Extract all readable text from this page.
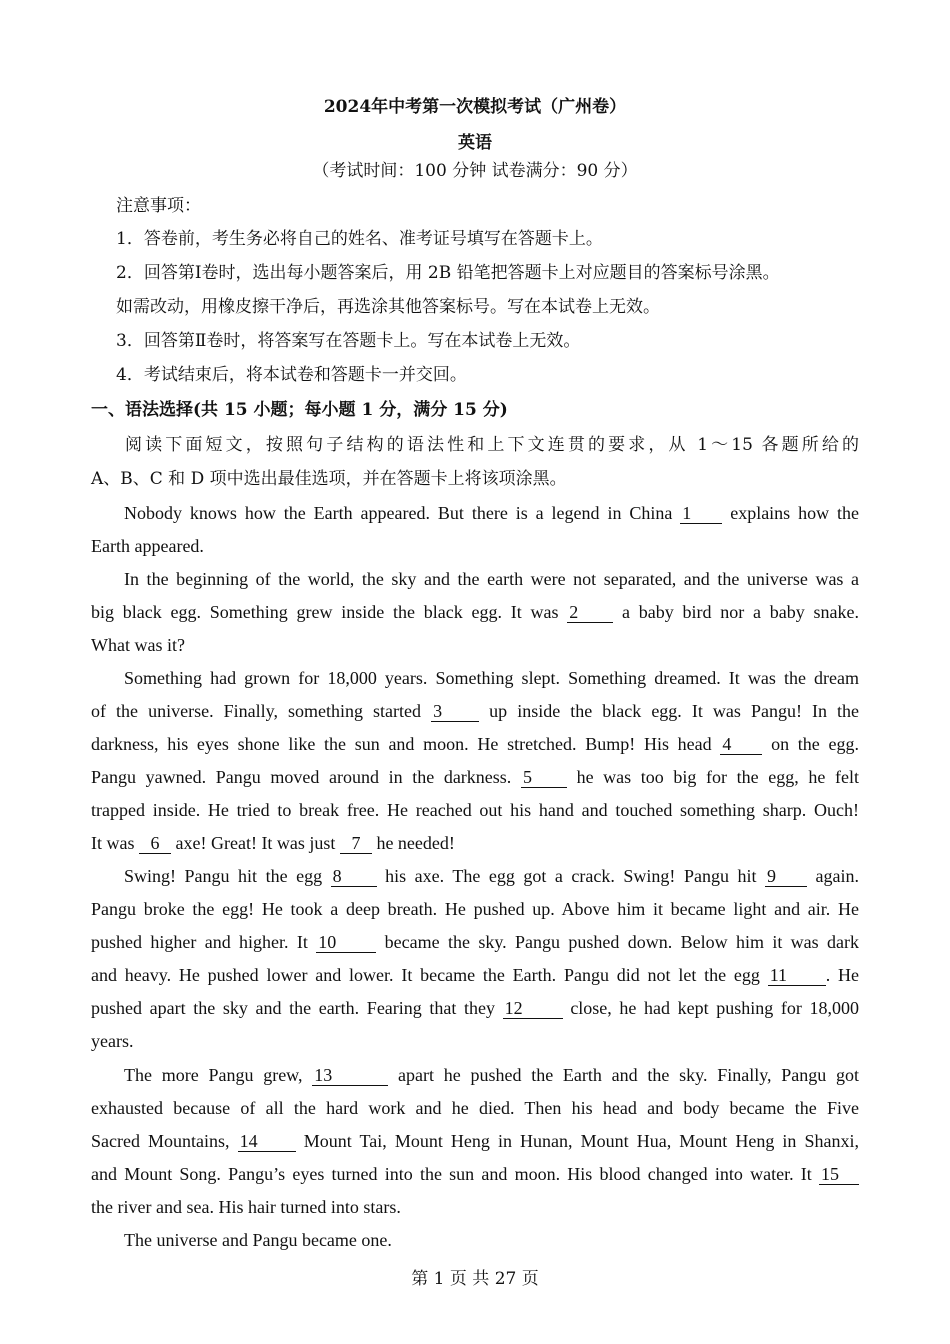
2024年中考第一次模拟考试（广州卷）
英语
（考试时间：100 分钟 试卷满分：90 分）
注意事项：
1．答卷前，考生务必将自己的姓名、准考证号填写在答题卡上。
2．回答第Ⅰ卷时，选出每小题答案后，用 2B 铅笔把答题卡上对应题目的答案标号涂黑。
如需改动，用橡皮擦干净后，再选涂其他答案标号。写在本试卷上无效。
3．回答第Ⅱ卷时，将答案写在答题卡上。写在本试卷上无效。
4．考试结束后，将本试卷和答题卡一并交回。
一、语法选择(共 15 小题；每小题 1 分，满分 15 分)
阅读下面短文，按照句子结构的语法性和上下文连贯的要求，从 1～15 各题所给的
A、B、C 和 D 项中选出最佳选项，并在答题卡上将该项涂黑。
Nobody knows how the Earth appeared. But there is a legend in China 1 explains how the
Earth appeared.
In the beginning of the world, the sky and the earth were not separated, and the universe was a
big black egg. Something grew inside the black egg. It was 2 a baby bird nor a baby snake.
What was it?
Something had grown for 18,000 years. Something slept. Something dreamed. It was the dream
of the universe. Finally, something started 3	up inside the black egg. It was Pangu! In the
darkness, his eyes shone like the sun and moon. He stretched. Bump! His head 4 on the egg.
Pangu yawned. Pangu moved around in the darkness. 5 he was too big for the egg, he felt
trapped inside. He tried to break free. He reached out his hand and touched something sharp. Ouch!
It was 6 axe! Great! It was just 7 he needed!
Swing! Pangu hit the egg 8 his axe. The egg got a crack. Swing! Pangu hit 9 again.
Pangu broke the egg! He took a deep breath. He pushed up. Above him it became light and air. He
pushed higher and higher. It 10	became the sky. Pangu pushed down. Below him it was dark
and heavy. He pushed lower and lower. It became the Earth. Pangu did not let the egg 11 . He
pushed apart the sky and the earth. Fearing that they 12	close, he had kept pushing for 18,000
years.
The more Pangu grew, 13	apart he pushed the Earth and the sky. Finally, Pangu got
exhausted because of all the hard work and he died. Then his head and body became the Five
Sacred Mountains, 14	Mount Tai, Mount Heng in Hunan, Mount Hua, Mount Heng in Shanxi,
and Mount Song. Pangu’s eyes turned into the sun and moon. His blood changed into water. It 15
the river and sea. His hair turned into stars.
The universe and Pangu became one.
第 1 页 共 27 页
